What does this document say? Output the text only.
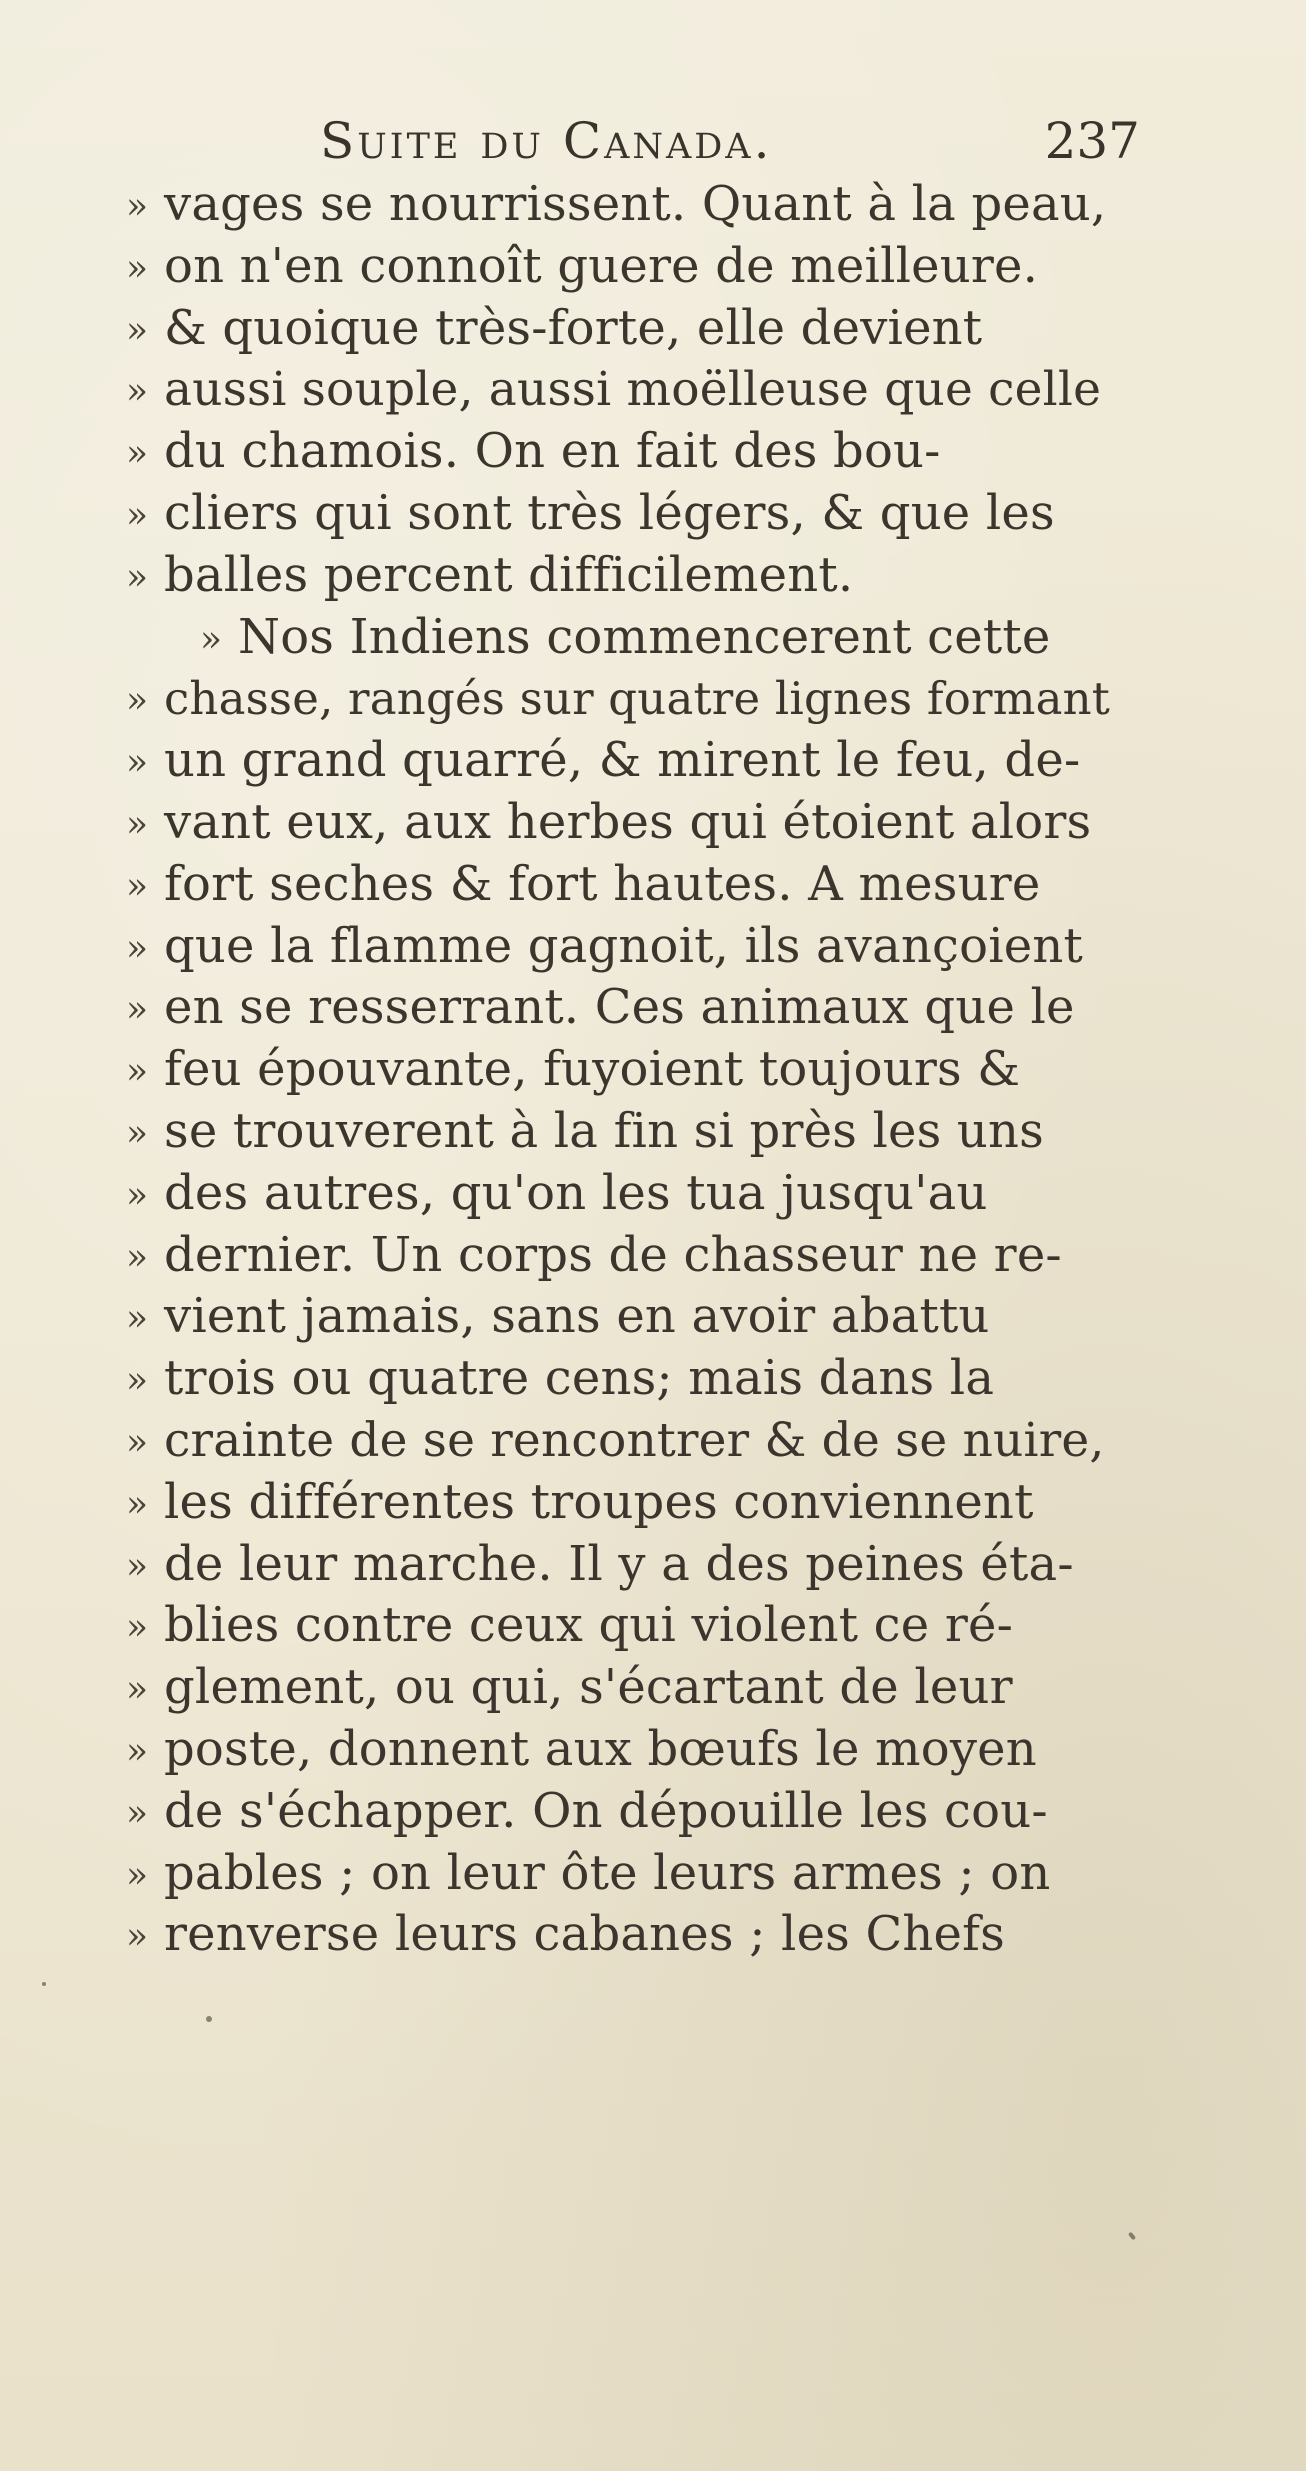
Suite du Canada.	237
» vages se nourrissent. Quant à la peau,
» on n'en connoît guere de meilleure.
» & quoique très-forte, elle devient
» aussi souple, aussi moëlleuse que celle
» du chamois. On en fait des bou-
» cliers qui sont très légers, & que les
» balles percent difficilement.
» Nos Indiens commencerent cette
» chasse, rangés sur quatre lignes formant
» un grand quarré, & mirent le feu, de-
» vant eux, aux herbes qui étoient alors
» fort seches & fort hautes. A mesure
» que la flamme gagnoit, ils avançoient
» en se resserrant. Ces animaux que le
» feu épouvante, fuyoient toujours &
» se trouverent à la fin si près les uns
» des autres, qu'on les tua jusqu'au
» dernier. Un corps de chasseur ne re-
» vient jamais, sans en avoir abattu
» trois ou quatre cens; mais dans la
» crainte de se rencontrer & de se nuire,
» les différentes troupes conviennent
» de leur marche. Il y a des peines éta-
» blies contre ceux qui violent ce ré-
» glement, ou qui, s'écartant de leur
» poste, donnent aux bœufs le moyen
» de s'échapper. On dépouille les cou-
» pables ; on leur ôte leurs armes ; on
» renverse leurs cabanes ; les Chefs
